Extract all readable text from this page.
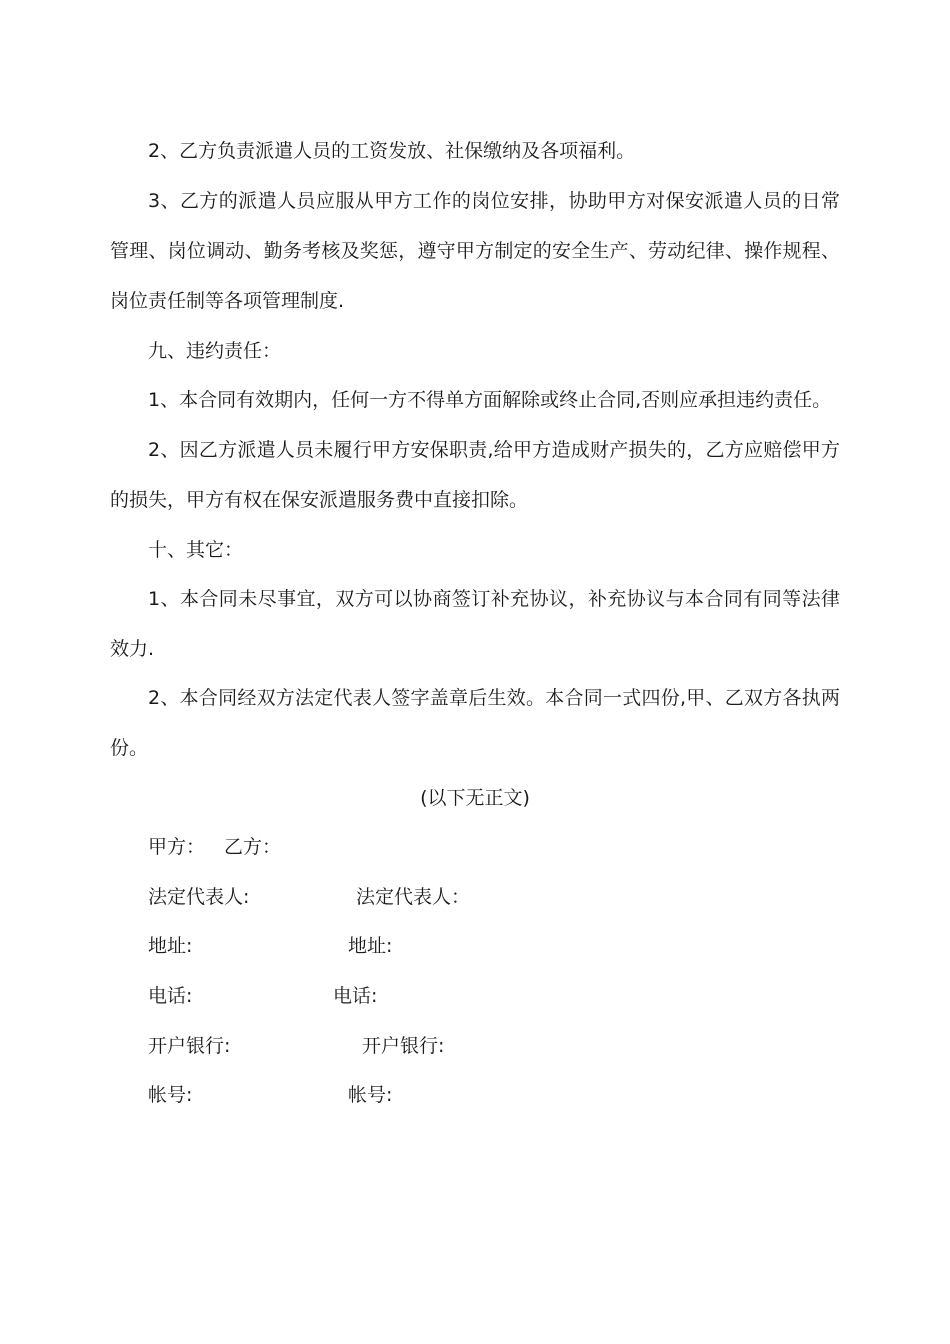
2、乙方负责派遣人员的工资发放、社保缴纳及各项福利。

3、乙方的派遣人员应服从甲方工作的岗位安排，协助甲方对保安派遣人员的日常管理、岗位调动、勤务考核及奖惩，遵守甲方制定的安全生产、劳动纪律、操作规程、岗位责任制等各项管理制度.

九、违约责任：

1、本合同有效期内，任何一方不得单方面解除或终止合同,否则应承担违约责任。

2、因乙方派遣人员未履行甲方安保职责,给甲方造成财产损失的，乙方应赔偿甲方的损失，甲方有权在保安派遣服务费中直接扣除。

十、其它：

1、本合同未尽事宜，双方可以协商签订补充协议，补充协议与本合同有同等法律效力.

2、本合同经双方法定代表人签字盖章后生效。本合同一式四份,甲、乙双方各执两份。

(以下无正文)

甲方： 乙方：
法定代表人:	法定代表人：
地址:	地址:
电话:	电话:
开户银行:	开户银行:
帐号:	帐号:
